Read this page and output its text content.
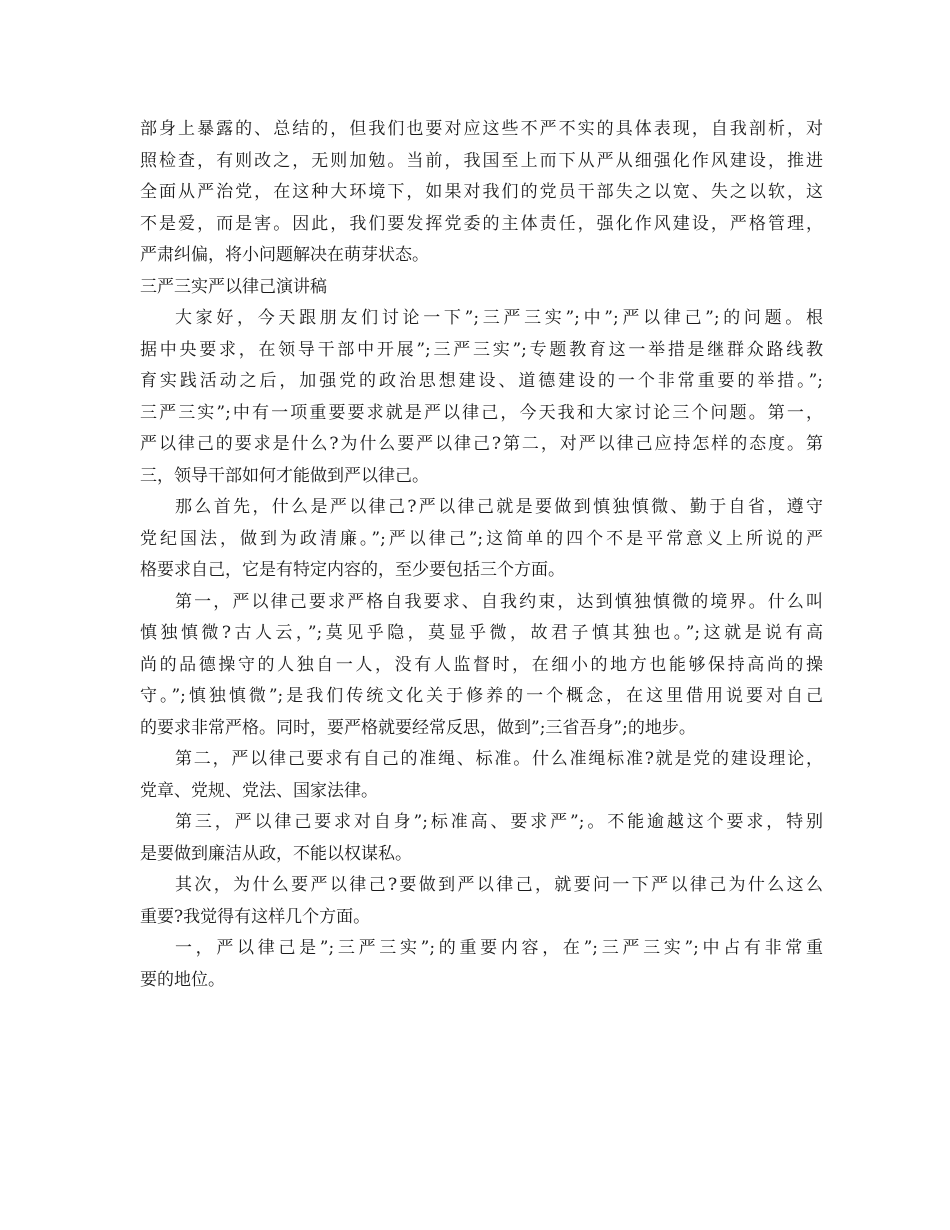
部身上暴露的、总结的，但我们也要对应这些不严不实的具体表现，自我剖析，对
照检查，有则改之，无则加勉。当前，我国至上而下从严从细强化作风建设，推进
全面从严治党，在这种大环境下，如果对我们的党员干部失之以宽、失之以软，这
不是爱，而是害。因此，我们要发挥党委的主体责任，强化作风建设，严格管理，
严肃纠偏，将小问题解决在萌芽状态。
三严三实严以律己演讲稿
大家好，今天跟朋友们讨论一下”;三严三实”;中”;严以律己”;的问题。根
据中央要求，在领导干部中开展”;三严三实”;专题教育这一举措是继群众路线教
育实践活动之后，加强党的政治思想建设、道德建设的一个非常重要的举措。”;
三严三实”;中有一项重要要求就是严以律己，今天我和大家讨论三个问题。第一，
严以律己的要求是什么?为什么要严以律己?第二，对严以律己应持怎样的态度。第
三，领导干部如何才能做到严以律己。
那么首先，什么是严以律己?严以律己就是要做到慎独慎微、勤于自省，遵守
党纪国法，做到为政清廉。”;严以律己”;这简单的四个不是平常意义上所说的严
格要求自己，它是有特定内容的，至少要包括三个方面。
第一，严以律己要求严格自我要求、自我约束，达到慎独慎微的境界。什么叫
慎独慎微?古人云，”;莫见乎隐，莫显乎微，故君子慎其独也。”;这就是说有高
尚的品德操守的人独自一人，没有人监督时，在细小的地方也能够保持高尚的操
守。”;慎独慎微”;是我们传统文化关于修养的一个概念，在这里借用说要对自己
的要求非常严格。同时，要严格就要经常反思，做到”;三省吾身”;的地步。
第二，严以律己要求有自己的准绳、标准。什么准绳标准?就是党的建设理论，
党章、党规、党法、国家法律。
第三，严以律己要求对自身”;标准高、要求严”;。不能逾越这个要求，特别
是要做到廉洁从政，不能以权谋私。
其次，为什么要严以律己?要做到严以律己，就要问一下严以律己为什么这么
重要?我觉得有这样几个方面。
一，严以律己是”;三严三实”;的重要内容，在”;三严三实”;中占有非常重
要的地位。
